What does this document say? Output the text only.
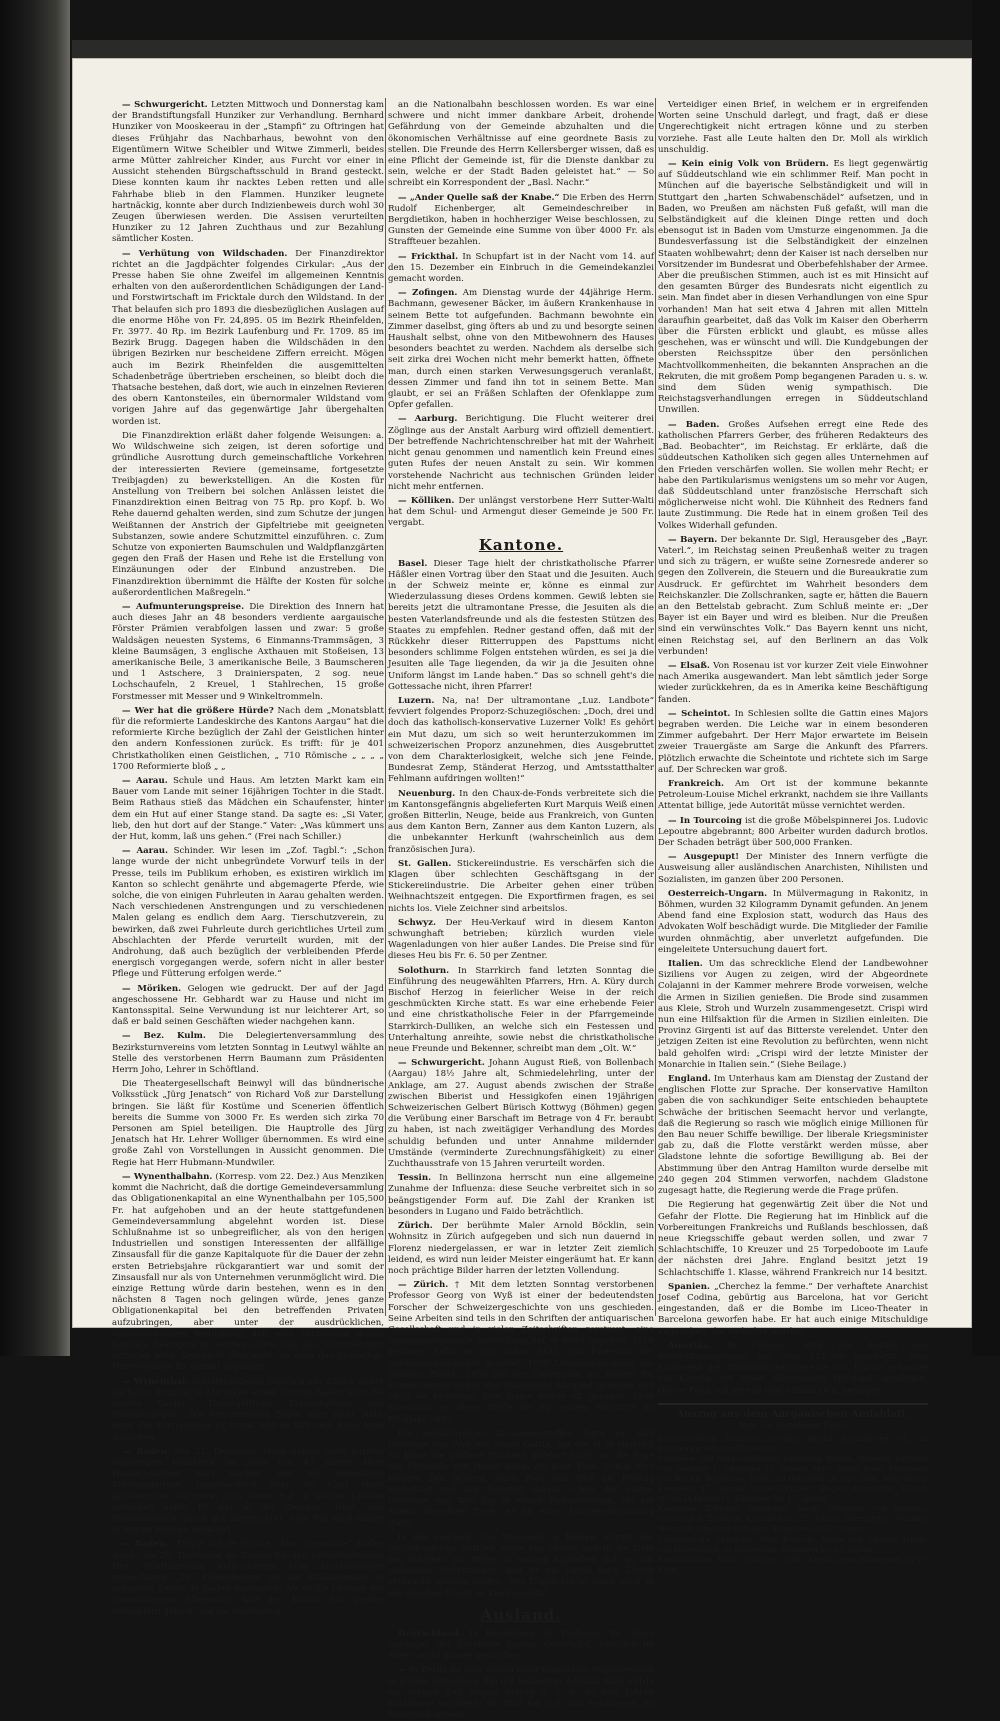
— Schwurgericht. Letzten Mittwoch und Donnerstag kam der Brandstiftungsfall Hunziker zur Verhandlung. Bernhard Hunziker von Mooskeerau in der „Stampfi“ zu Oftringen hat dieses Frühjahr das Nachbarhaus, bewohnt von den Eigentümern Witwe Scheibler und Witwe Zimmerli, beides arme Mütter zahlreicher Kinder, aus Furcht vor einer in Aussicht stehenden Bürgschaftsschuld in Brand gesteckt. Diese konnten kaum ihr nacktes Leben retten und alle Fahrhabe blieb in den Flammen. Hunziker leugnete hartnäckig, konnte aber durch Indizienbeweis durch wohl 30 Zeugen überwiesen werden. Die Assisen verurteilten Hunziker zu 12 Jahren Zuchthaus und zur Bezahlung sämtlicher Kosten.

— Verhütung von Wildschaden. Der Finanzdirektor richtet an die Jagdpächter folgendes Cirkular: „Aus der Presse haben Sie ohne Zweifel im allgemeinen Kenntnis erhalten von den außerordentlichen Schädigungen der Land- und Forstwirtschaft im Fricktale durch den Wildstand. In der That belaufen sich pro 1893 die diesbezüglichen Auslagen auf die enorme Höhe von Fr. 24,895. 05 im Bezirk Rheinfelden, Fr. 3977. 40 Rp. im Bezirk Laufenburg und Fr. 1709. 85 im Bezirk Brugg. Dagegen haben die Wildschäden in den übrigen Bezirken nur bescheidene Ziffern erreicht. Mögen auch im Bezirk Rheinfelden die ausgemittelten Schadenbeträge übertrieben erscheinen, so bleibt doch die Thatsache bestehen, daß dort, wie auch in einzelnen Revieren des obern Kantonsteiles, ein übernormaler Wildstand vom vorigen Jahre auf das gegenwärtige Jahr übergehalten worden ist.

Die Finanzdirektion erläßt daher folgende Weisungen: a. Wo Wildschweine sich zeigen, ist deren sofortige und gründliche Ausrottung durch gemeinschaftliche Vorkehren der interessierten Reviere (gemeinsame, fortgesetzte Treibjagden) zu bewerkstelligen. An die Kosten für Anstellung von Treibern bei solchen Anlässen leistet die Finanzdirektion einen Beitrag von 75 Rp. pro Kopf. b. Wo Rehe dauernd gehalten werden, sind zum Schutze der jungen Weißtannen der Anstrich der Gipfeltriebe mit geeigneten Substanzen, sowie andere Schutzmittel einzuführen. c. Zum Schutze von exponierten Baumschulen und Waldpflanzgärten gegen den Fraß der Hasen und Rehe ist die Erstellung von Einzäunungen oder der Einbund anzustreben. Die Finanzdirektion übernimmt die Hälfte der Kosten für solche außerordentlichen Maßregeln.“

— Aufmunterungspreise. Die Direktion des Innern hat auch dieses Jahr an 48 besonders verdiente aargauische Förster Prämien verabfolgen lassen und zwar: 5 große Waldsägen neuesten Systems, 6 Einmanns-Trammsägen, 3 kleine Baumsägen, 3 englische Axthauen mit Stoßeisen, 13 amerikanische Beile, 3 amerikanische Beile, 3 Baumscheren und 1 Astschere, 3 Drainierspaten, 2 sog. neue Lochschaufeln, 2 Kreuel, 1 Stahlrechen, 15 große Forstmesser mit Messer und 9 Winkeltrommeln.

— Wer hat die größere Hürde? Nach dem „Monatsblatt für die reformierte Landeskirche des Kantons Aargau“ hat die reformierte Kirche bezüglich der Zahl der Geistlichen hinter den andern Konfessionen zurück. Es trifft: für je 401 Christkatholiken einen Geistlichen, „ 710 Römische „ „ „ „ 1700 Reformierte bloß „ „

— Aarau. Schule und Haus. Am letzten Markt kam ein Bauer vom Lande mit seiner 16jährigen Tochter in die Stadt. Beim Rathaus stieß das Mädchen ein Schaufenster, hinter dem ein Hut auf einer Stange stand. Da sagte es: „Si Vater, lieb, den hut dort auf der Stange.“ Vater: „Was kümmert uns der Hut, komm, laß uns gehen.“ (Frei nach Schiller.)

— Aarau. Schinder. Wir lesen im „Zof. Tagbl.“: „Schon lange wurde der nicht unbegründete Vorwurf teils in der Presse, teils im Publikum erhoben, es existiren wirklich im Kanton so schlecht genährte und abgemagerte Pferde, wie solche, die von einigen Fuhrleuten in Aarau gehalten werden. Nach verschiedenen Anstrengungen und zu verschiedenen Malen gelang es endlich dem Aarg. Tierschutzverein, zu bewirken, daß zwei Fuhrleute durch gerichtliches Urteil zum Abschlachten der Pferde verurteilt wurden, mit der Androhung, daß auch bezüglich der verbleibenden Pferde energisch vorgegangen werde, sofern nicht in aller bester Pflege und Fütterung erfolgen werde.“

— Möriken. Gelogen wie gedruckt. Der auf der Jagd angeschossene Hr. Gebhardt war zu Hause und nicht im Kantonsspital. Seine Verwundung ist nur leichterer Art, so daß er bald seinen Geschäften wieder nachgehen kann.

— Bez. Kulm. Die Delegiertenversammlung des Bezirksturnvereins vom letzten Sonntag in Leutwyl wählte an Stelle des verstorbenen Herrn Baumann zum Präsidenten Herrn Joho, Lehrer in Schöftland.

Die Theatergesellschaft Beinwyl will das bündnerische Volksstück „Jürg Jenatsch“ von Richard Voß zur Darstellung bringen. Sie läßt für Kostüme und Scenerien öffentlich bereits die Summe von 3000 Fr. Es werden sich zirka 70 Personen am Spiel beteiligen. Die Hauptrolle des Jürg Jenatsch hat Hr. Lehrer Wolliger übernommen. Es wird eine große Zahl von Vorstellungen in Aussicht genommen. Die Regie hat Herr Hubmann-Mundwiler.

— Wynenthalbahn. (Korresp. vom 22. Dez.) Aus Menziken kommt die Nachricht, daß die dortige Gemeindeversammlung das Obligationenkapital an eine Wynenthalbahn per 105,500 Fr. hat aufgehoben und an der heute stattgefundenen Gemeindeversammlung abgelehnt worden ist. Diese Schlußnahme ist so unbegreiflicher, als von den herigen Industriellen und sonstigen Interessenten der allfällige Zinsausfall für die ganze Kapitalquote für die Dauer der zehn ersten Betriebsjahre rückgarantiert war und somit der Zinsausfall nur als von Unternehmen verunmöglicht wird. Die einzige Rettung würde darin bestehen, wenn es in den nächsten 8 Tagen noch gelingen würde, jenes ganze Obligationenkapital bei den betreffenden Privaten aufzubringen, aber unter der ausdrücklichen, einschränkenden Bedingung, daß eine Verzinsung dieses Kapitals beansprucht werden dürfe, bis das Unternehmen ertragen wird. Geschieht dies nicht, so wird das großartige Unternehmen für einmal begraben.

— Wynenthal. Arbeitersekretär Greulich aus Zürich wollte nächsten Sonntag in Menziken einen Vortrag halten über die beiden Kinder: „Unentgeltliche Krankenpflege und Tabakmonopol.“ Die Versammlung findet aber nicht statt, denn der Vortragende ist krank und es fällt sein Bann ferm wattieren.

— Baden. Am 21. Dezember starb dahier nach kurzem einjährigen Krankheit im Alter von 45 Jahren Herr Handelsgärtner Karl Gerber, der als ehemaliger Kurhausgärtner, hauptsächlich aber als Chef einer bedeutenden Gärtnerei sich einen Ruf in weiten Kreisen erworben hatte. Er war in der Gemüse-, Obst- und Weinbaukunde gleich gut unterrichtet. Sein Tod wird dahier in weiten Kreisen bedauert.

— Baden. „Füfzgi mit de Stöcke.“ Die „Gemeinde“ Baden werde am 26. Dezember im Kasino für den zurücktretenden Hrn. Stadtammann Kellersberger eine Abschiedsfeier veranstalten. „Dr. Kellersberger ist als Stadtammann in schweren Zeiten da Baden gestanden. Als er die Leitung des Gemeinwesens übernahm, war das Kasino mit großen Geldopfern gebaut und die Subvention

an die Nationalbahn beschlossen worden. Es war eine schwere und nicht immer dankbare Arbeit, drohende Gefährdung von der Gemeinde abzuhalten und die ökonomischen Verhältnisse auf eine geordnete Basis zu stellen. Die Freunde des Herrn Kellersberger wissen, daß es eine Pflicht der Gemeinde ist, für die Dienste dankbar zu sein, welche er der Stadt Baden geleistet hat.“ — So schreibt ein Korrespondent der „Basl. Nachr.“

— „Ander Quelle saß der Knabe.“ Die Erben des Herrn Rudolf Eichenberger, alt Gemeindeschreiber in Bergdietikon, haben in hochherziger Weise beschlossen, zu Gunsten der Gemeinde eine Summe von über 4000 Fr. als Straffteuer bezahlen.

— Frickthal. In Schupfart ist in der Nacht vom 14. auf den 15. Dezember ein Einbruch in die Gemeindekanzlei gemacht worden.

— Zofingen. Am Dienstag wurde der 44jährige Herm. Bachmann, gewesener Bäcker, im äußern Krankenhause in seinem Bette tot aufgefunden. Bachmann bewohnte ein Zimmer daselbst, ging öfters ab und zu und besorgte seinen Haushalt selbst, ohne von den Mitbewohnern des Hauses besonders beachtet zu werden. Nachdem als derselbe sich seit zirka drei Wochen nicht mehr bemerkt hatten, öffnete man, durch einen starken Verwesungsgeruch veranlaßt, dessen Zimmer und fand ihn tot in seinem Bette. Man glaubt, er sei an Fräßen Schlaften der Ofenklappe zum Opfer gefallen.

— Aarburg. Berichtigung. Die Flucht weiterer drei Zöglinge aus der Anstalt Aarburg wird offiziell dementiert. Der betreffende Nachrichtenschreiber hat mit der Wahrheit nicht genau genommen und namentlich kein Freund eines guten Rufes der neuen Anstalt zu sein. Wir kommen vorstehende Nachricht aus technischen Gründen leider nicht mehr entfernen.

— Kölliken. Der unlängst verstorbene Herr Sutter-Walti hat dem Schul- und Armengut dieser Gemeinde je 500 Fr. vergabt.

Kantone.

Basel. Dieser Tage hielt der christkatholische Pfarrer Häßler einen Vortrag über den Staat und die Jesuiten. Auch in der Schweiz meinte er, könne es einmal zur Wiederzulassung dieses Ordens kommen. Gewiß lebten sie bereits jetzt die ultramontane Presse, die Jesuiten als die besten Vaterlandsfreunde und als die festesten Stützen des Staates zu empfehlen. Redner gestand offen, daß mit der Rückkehr dieser Ritterruppen des Papsttums nicht besonders schlimme Folgen entstehen würden, es sei ja die Jesuiten alle Tage liegenden, da wir ja die Jesuiten ohne Uniform längst im Lande haben.“ Das so schnell geht's die Gottessache nicht, ihren Pfarrer!

Luzern. Na, na! Der ultramontane „Luz. Landbote“ fevviert folgendes Proporz-Schuzegiöschen: „Doch, drei und doch das katholisch-konservative Luzerner Volk! Es gehört ein Mut dazu, um sich so weit herunterzukommen im schweizerischen Proporz anzunehmen, dies Ausgebruttet von dem Charakterlosigkeit, welche sich jene Feinde, Bundesrat Zemp, Ständerat Herzog, und Amtsstatthalter Fehlmann aufdringen wollten!“

Neuenburg. In den Chaux-de-Fonds verbreitete sich die im Kantonsgefängnis abgelieferten Kurt Marquis Weiß einen großen Bitterlin, Neuge, beide aus Frankreich, von Gunten aus dem Kanton Bern, Zanner aus dem Kanton Luzern, als die unbekannter Herkunft (wahrscheinlich aus dem französischen Jura).

St. Gallen. Stickereiindustrie. Es verschärfen sich die Klagen über schlechten Geschäftsgang in der Stickereiindustrie. Die Arbeiter gehen einer trüben Weihnachtszeit entgegen. Die Exportfirmen fragen, es sei nichts los. Viele Zeichner sind arbeitslos.

Schwyz. Der Heu-Verkauf wird in diesem Kanton schwunghaft betrieben; kürzlich wurden viele Wagenladungen von hier außer Landes. Die Preise sind für dieses Heu bis Fr. 6. 50 per Zentner.

Solothurn. In Starrkirch fand letzten Sonntag die Einführung des neugewählten Pfarrers, Hrn. A. Küry durch Bischof Herzog in feierlicher Weise in der reich geschmückten Kirche statt. Es war eine erhebende Feier und eine christkatholische Feier in der Pfarrgemeinde Starrkirch-Dulliken, an welche sich ein Festessen und Unterhaltung anreihte, sowie nebst die christkatholische neue Freunde und Bekenner, schreibt man dem „Olt. W.“

— Schwurgericht. Johann August Rieß, von Bollenbach (Aargau) 18½ Jahre alt, Schmiedelehrling, unter der Anklage, am 27. August abends zwischen der Straße zwischen Biberist und Hessigkofen einen 19jährigen Schweizerischen Gelbert Bürisch Kottwyg (Böhmen) gegen die Verübung einer Barschaft im Betrage von 4 Fr. beraubt zu haben, ist nach zweitägiger Verhandlung des Mordes schuldig befunden und unter Annahme mildernder Umstände (verminderte Zurechnungsfähigkeit) zu einer Zuchthausstrafe von 15 Jahren verurteilt worden.

Tessin. In Bellinzona herrscht nun eine allgemeine Zunahme der Influenza: diese Seuche verbreitet sich in so beängstigender Form auf. Die Zahl der Kranken ist besonders in Lugano und Faido beträchtlich.

Zürich. Der berühmte Maler Arnold Böcklin, sein Wohnsitz in Zürich aufgegeben und sich nun dauernd in Florenz niedergelassen, er war in letzter Zeit ziemlich leidend, es wird nun leider Meister eingeräumt hat. Er kann noch prächtige Bilder harren der letzten Vollendung.

— Zürich. † Mit dem letzten Sonntag verstorbenen Professor Georg von Wyß ist einer der bedeutendsten Forscher der Schweizergeschichte von uns geschieden. Seine Arbeiten sind teils in den Schriften der antiquarischen Gesellschaft und in vielen Zeitschriften zerstreut; eine zusammenfassende Darstellung hat er nicht gegeben. 1816 geboren, nahm er sich schon 1842 zum Professor der Schweizergeschichte gewählt, 1850 Lehramtskandidat des Standes Zürich. 1850 bei der Universität als Dozent für Schweizergeschichte und Staatsrecht Mitglied gewesen und 1870 als Professor. Sein Name wurde oft genannt. 1858 übernahm er diese Stelle bis zu seinem Rücktritt im Frühjahr 1893.

Ein merkwürdiges Zusammentreffen fügte es, daß Professor von Wyß mit seiner Gattin, mit der er in ziemlich 50 Jahre die goldene Hochzeit gefeiert hatte, an die Tage der Rückkehr von Hause kaum ein paar Tage. Schon eine längere Zeit leidend, starb Frau von Wyß am Freitag Vormittag und am Sonntag darauf schon der Gatte. Professor von Wyß lag in einem Fieberdelirium, als am Abend desselben Tages er an einer Lungenentzündung starb.

In der Gerberei von Wunderly in Meilen stürzte der siebzehnjährige Gottlieb Meier von Meilen sich in die Tiefe des Fabriken von Bielen in seinem Kopfleben sich an mit siebenden Verletzungen, daß er ins Spital nach Zürich verbracht werden mußte. Der Unglückliche starb noch in der gleichen Nacht im Kantonsspital.

Ausland.

Deutschland. In Heidelberg ist Professor Dr. Aloys Sprenger, der berühmte Berner Orientalist, plötzlich im Alter von 81 Jahren gestorben.

— In Berlin ist man wegen einer tragischen Angelegenheit in großer Aufregung. Ein gut bekannter Advokat Moll wurde vor einiger Zeit wegen Betrug u. s. w. zu drei Jahren Zuchthaus verurteilt. Dr. Moll hat sich nun erschossen. Er hinterließ seinem

Verteidiger einen Brief, in welchem er in ergreifenden Worten seine Unschuld darlegt, und fragt, daß er diese Ungerechtigkeit nicht ertragen könne und zu sterben vorziehe. Fast alle Leute halten den Dr. Moll als wirklich unschuldig.

— Kein einig Volk von Brüdern. Es liegt gegenwärtig auf Süddeutschland wie ein schlimmer Reif. Man pocht in München auf die bayerische Selbständigkeit und will in Stuttgart den „harten Schwabenschädel“ aufsetzen, und in Baden, wo Preußen am nächsten Fuß gefaßt, will man die Selbständigkeit auf die kleinen Dinge retten und doch ebensogut ist in Baden vom Umsturze eingenommen. Ja die Bundesverfassung ist die Selbständigkeit der einzelnen Staaten wohlbewahrt; denn der Kaiser ist nach derselben nur Vorsitzender im Bundesrat und Oberbefehlshaber der Armee. Aber die preußischen Stimmen, auch ist es mit Hinsicht auf den gesamten Bürger des Bundesrats nicht eigentlich zu sein. Man findet aber in diesen Verhandlungen von eine Spur vorhanden! Man hat seit etwa 4 Jahren mit allen Mitteln daraufhin gearbeitet, daß das Volk im Kaiser den Oberherrn über die Fürsten erblickt und glaubt, es müsse alles geschehen, was er wünscht und will. Die Kundgebungen der obersten Reichsspitze über den persönlichen Machtvollkommenheiten, die bekannten Ansprachen an die Rekruten, die mit großem Pomp begangenen Paraden u. s. w. sind dem Süden wenig sympathisch. Die Reichstagsverhandlungen erregen in Süddeutschland Unwillen.

— Baden. Großes Aufsehen erregt eine Rede des katholischen Pfarrers Gerber, des früheren Redakteurs des „Bad. Beobachter“, im Reichstag. Er erklärte, daß die süddeutschen Katholiken sich gegen alles Unternehmen auf den Frieden verschärfen wollen. Sie wollen mehr Recht; er habe den Partikularismus wenigstens um so mehr vor Augen, daß Süddeutschland unter französische Herrschaft sich möglicherweise nicht wohl. Die Kühnheit des Redners fand laute Zustimmung. Die Rede hat in einem großen Teil des Volkes Widerhall gefunden.

— Bayern. Der bekannte Dr. Sigl, Herausgeber des „Bayr. Vaterl.“, im Reichstag seinen Preußenhaß weiter zu tragen und sich zu trägern, er wußte seine Zornesrede anderer so gegen den Zollverein, die Steuern und die Bureaukratie zum Ausdruck. Er gefürchtet im Wahrheit besonders dem Reichskanzler. Die Zollschranken, sagte er, hätten die Bauern an den Bettelstab gebracht. Zum Schluß meinte er: „Der Bayer ist ein Bayer und wird es bleiben. Nur die Preußen sind ein verwünschtes Volk.“ Das Bayern kennt uns nicht, einen Reichstag sei, auf den Berlinern an das Volk verbunden!

— Elsaß. Von Rosenau ist vor kurzer Zeit viele Einwohner nach Amerika ausgewandert. Man lebt sämtlich jeder Sorge wieder zurückkehren, da es in Amerika keine Beschäftigung fanden.

— Scheintot. In Schlesien sollte die Gattin eines Majors begraben werden. Die Leiche war in einem besonderen Zimmer aufgebahrt. Der Herr Major erwartete im Beisein zweier Trauergäste am Sarge die Ankunft des Pfarrers. Plötzlich erwachte die Scheintote und richtete sich im Sarge auf. Der Schrecken war groß.

Frankreich. Am Ort ist der kommune bekannte Petroleum-Louise Michel erkrankt, nachdem sie ihre Vaillants Attentat billige, jede Autorität müsse vernichtet werden.

— In Tourcoing ist die große Möbelspinnerei Jos. Ludovic Lepoutre abgebrannt; 800 Arbeiter wurden dadurch brotlos. Der Schaden beträgt über 500,000 Franken.

— Ausgepupt! Der Minister des Innern verfügte die Ausweisung aller ausländischen Anarchisten, Nihilisten und Sozialisten, im ganzen über 200 Personen.

Oesterreich-Ungarn. In Mülvermagung in Rakonitz, in Böhmen, wurden 32 Kilogramm Dynamit gefunden. An jenem Abend fand eine Explosion statt, wodurch das Haus des Advokaten Wolf beschädigt wurde. Die Mitglieder der Familie wurden ohnmächtig, aber unverletzt aufgefunden. Die eingeleitete Untersuchung dauert fort.

Italien. Um das schreckliche Elend der Landbewohner Siziliens vor Augen zu zeigen, wird der Abgeordnete Colajanni in der Kammer mehrere Brode vorweisen, welche die Armen in Sizilien genießen. Die Brode sind zusammen aus Kleie, Stroh und Wurzeln zusammengesetzt. Crispi wird nun eine Hilfsaktion für die Armen in Sizilien einleiten. Die Provinz Girgenti ist auf das Bitterste verelendet. Unter den jetzigen Zeiten ist eine Revolution zu befürchten, wenn nicht bald geholfen wird: „Crispi wird der letzte Minister der Monarchie in Italien sein.“ (Siehe Beilage.)

England. Im Unterhaus kam am Dienstag der Zustand der englischen Flotte zur Sprache. Der konservative Hamilton gaben die von sachkundiger Seite entschieden behauptete Schwäche der britischen Seemacht hervor und verlangte, daß die Regierung so rasch wie möglich einige Millionen für den Bau neuer Schiffe bewillige. Der liberale Kriegsminister gab zu, daß die Flotte verstärkt werden müsse, aber Gladstone lehnte die sofortige Bewilligung ab. Bei der Abstimmung über den Antrag Hamilton wurde derselbe mit 240 gegen 204 Stimmen verworfen, nachdem Gladstone zugesagt hatte, die Regierung werde die Frage prüfen.

Die Regierung hat gegenwärtig Zeit über die Not und Gefahr der Flotte. Die Regierung hat im Hinblick auf die Vorbereitungen Frankreichs und Rußlands beschlossen, daß neue Kriegsschiffe gebaut werden sollen, und zwar 7 Schlachtschiffe, 10 Kreuzer und 25 Torpedoboote im Laufe der nächsten drei Jahre. England besitzt jetzt 19 Schlachtschiffe 1. Klasse, während Frankreich nur 14 besitzt.

Spanien. „Cherchez la femme.“ Der verhaftete Anarchist Josef Codina, gebürtig aus Barcelona, hat vor Gericht eingestanden, daß er die Bombe im Liceo-Theater in Barcelona geworfen habe. Er hat auch einige Mitschuldige angegeben, die verhaftet wurden.

Amerika. In Chicago wird die Anzahl der Beschäftigungslosen auf über 117,000 geschätzt. Eine Konferenz der Wohlthätigkeitsvereine von Illinois ernannte ein Komite, um einen allgemeinen Hilfsfond anzulegen. Dieser Fond soll bereits eine Million Doll. betragen.

Auszug aus dem Aargauischen Amtsblatt.
Vom 16. Dezember 1893.

Bevormundung. Lenzburg. Gruber, Bertha, Johannesfen sel., als Straßenwärters von Rottenwyl.

Schulden- und Bürgschaftsrufe. Lenzburg. Bürgin, Wilhelm, Postillon von Seengen †. Eingaben 16. Januar. Muri. Suter, Josef, Kaufmann von Boswil. Wulflinger, Josef, auf dem Feld zu Sins, Gde. Meyenberg. Eingaben 17. Januar. Unter-Ulrichen. Meyer, Antoinette, Witwe, Wirtin in Dietwyl †. Eingaben bis 15. Januar.

Konkurse. Zofingen. Schmidter, Jakob, Fabrikant von Rothrist, wohnhaft in Zofingen. Eingaben bis 23. Januar. Bremgarten. Widmer, Heinrich, Landwirt in Widen. Eingaben bis 13. Januar.

Schuldenrufe. Lenzburg. Frau Berischi, Maria geb. Gehrig, Jakobs von Dürrenäsch, in Niederlenz. Eingaben bis 15. Januar.

Rehabilitation. Kulm. Lüscher, Gottl., Knecht, von Mooslerau, in O.-Kulm.
